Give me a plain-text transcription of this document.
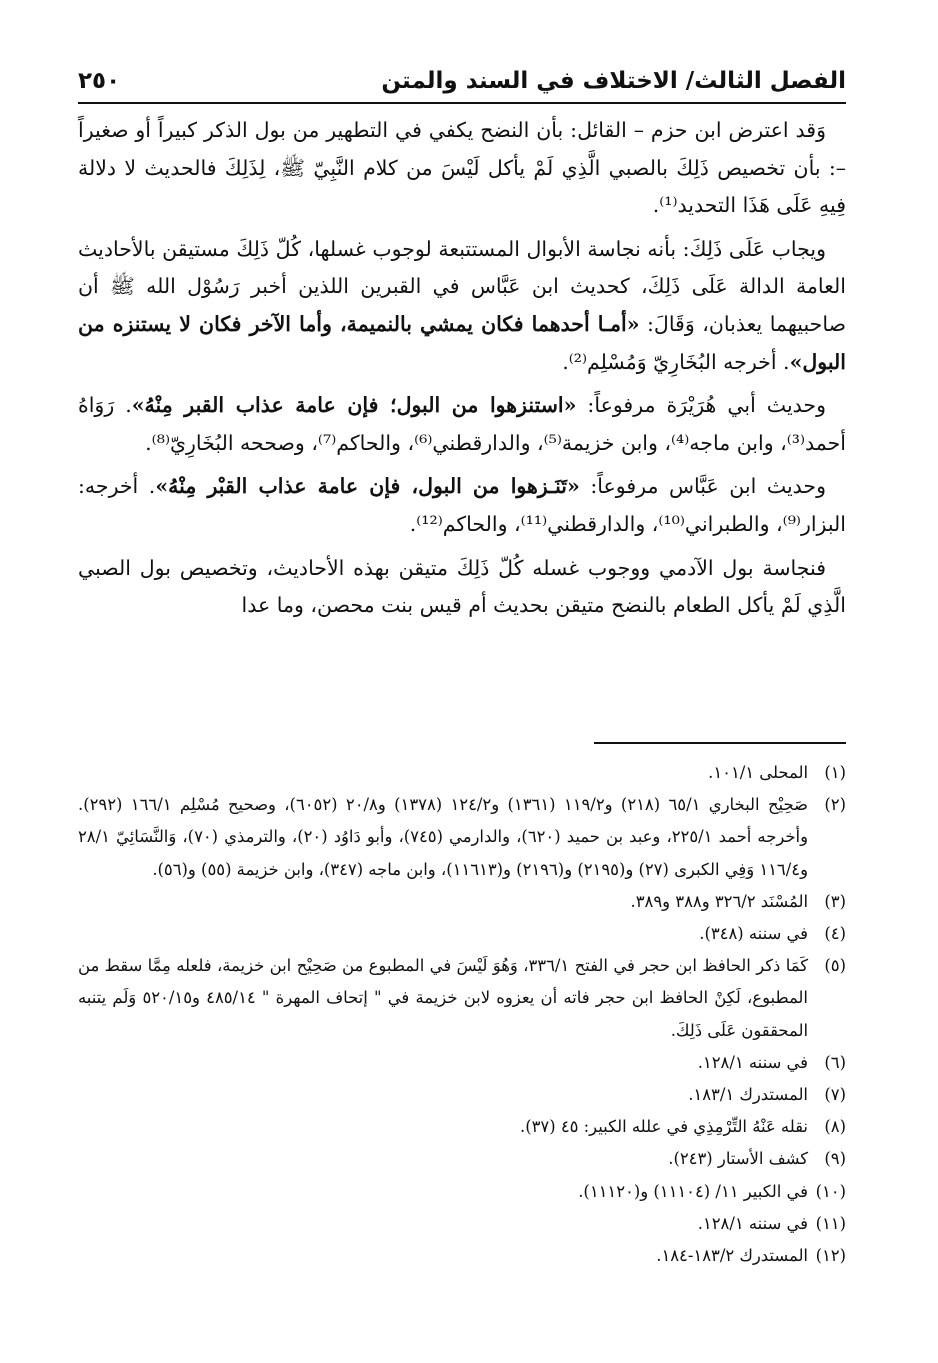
الفصل الثالث/ الاختلاف في السند والمتن
٢٥٠

وَقد اعترض ابن حزم – القائل: بأن النضح يكفي في التطهير من بول الذكر كبيراً أو صغيراً –: بأن تخصيص ذَلِكَ بالصبي الَّذِي لَمْ يأكل لَيْسَ من كلام النَّبِيّ ﷺ، لِذَلِكَ فالحديث لا دلالة فِيهِ عَلَى هَذَا التحديد⁽¹⁾.

ويجاب عَلَى ذَلِكَ: بأنه نجاسة الأبوال المستتبعة لوجوب غسلها، كُلّ ذَلِكَ مستيقن بالأحاديث العامة الدالة عَلَى ذَلِكَ، كحديث ابن عَبَّاس في القبرين اللذين أخبر رَسُوْل الله ﷺ أن صاحبيهما يعذبان، وَقَالَ: «أمـا أحدهما فكان يمشي بالنميمة، وأما الآخر فكان لا يستنزه من البول». أخرجه البُخَارِيّ وَمُسْلِم⁽²⁾.

وحديث أبي هُرَيْرَة مرفوعاً: «استنزهوا من البول؛ فإن عامة عذاب القبر مِنْهُ». رَوَاهُ أحمد⁽³⁾، وابن ماجه⁽⁴⁾، وابن خزيمة⁽⁵⁾، والدارقطني⁽⁶⁾، والحاكم⁽⁷⁾، وصححه البُخَارِيّ⁽⁸⁾.

وحديث ابن عَبَّاس مرفوعاً: «تَنَـزهوا من البول، فإن عامة عذاب القبْر مِنْهُ». أخرجه: البزار⁽⁹⁾، والطبراني⁽¹⁰⁾، والدارقطني⁽¹¹⁾، والحاكم⁽¹²⁾.

فنجاسة بول الآدمي ووجوب غسله كُلّ ذَلِكَ متيقن بهذه الأحاديث، وتخصيص بول الصبي الَّذِي لَمْ يأكل الطعام بالنضح متيقن بحديث أم قيس بنت محصن، وما عدا

(١)
المحلى ١٠١/١.

(٢)
صَحِيْح البخاري ٦٥/١ (٢١٨) و١١٩/٢ (١٣٦١) و١٢٤/٢ (١٣٧٨) و٢٠/٨ (٦٠٥٢)، وصحيح مُسْلِم ١٦٦/١ (٢٩٢). وأخرجه أحمد ٢٢٥/١، وعبد بن حميد (٦٢٠)، والدارمي (٧٤٥)، وأبو دَاوُد (٢٠)، والترمذي (٧٠)، وَالنَّسَائِيّ ٢٨/١ و١١٦/٤ وَفِي الكبرى (٢٧) و(٢١٩٥) و(٢١٩٦) و(١١٦١٣)، وابن ماجه (٣٤٧)، وابن خزيمة (٥٥) و(٥٦).

(٣)
المُسْنَد ٣٢٦/٢ و٣٨٨ و٣٨٩.

(٤)
في سننه (٣٤٨).

(٥)
كَمَا ذكر الحافظ ابن حجر في الفتح ٣٣٦/١، وَهُوَ لَيْسَ في المطبوع من صَحِيْح ابن خزيمة، فلعله مِمَّا سقط من المطبوع، لَكِنْ الحافظ ابن حجر فاته أن يعزوه لابن خزيمة في " إتحاف المهرة " ٤٨٥/١٤ و٥٢٠/١٥ وَلَم يتنبه المحققون عَلَى ذَلِكَ.

(٦)
في سننه ١٢٨/١.

(٧)
المستدرك ١٨٣/١.

(٨)
نقله عَنْهُ التِّرْمِذِي في علله الكبير: ٤٥ (٣٧).

(٩)
كشف الأستار (٢٤٣).

(١٠)
في الكبير ١١/ (١١١٠٤) و(١١١٢٠).

(١١)
في سننه ١٢٨/١.

(١٢)
المستدرك ١٨٣/٢-١٨٤.
